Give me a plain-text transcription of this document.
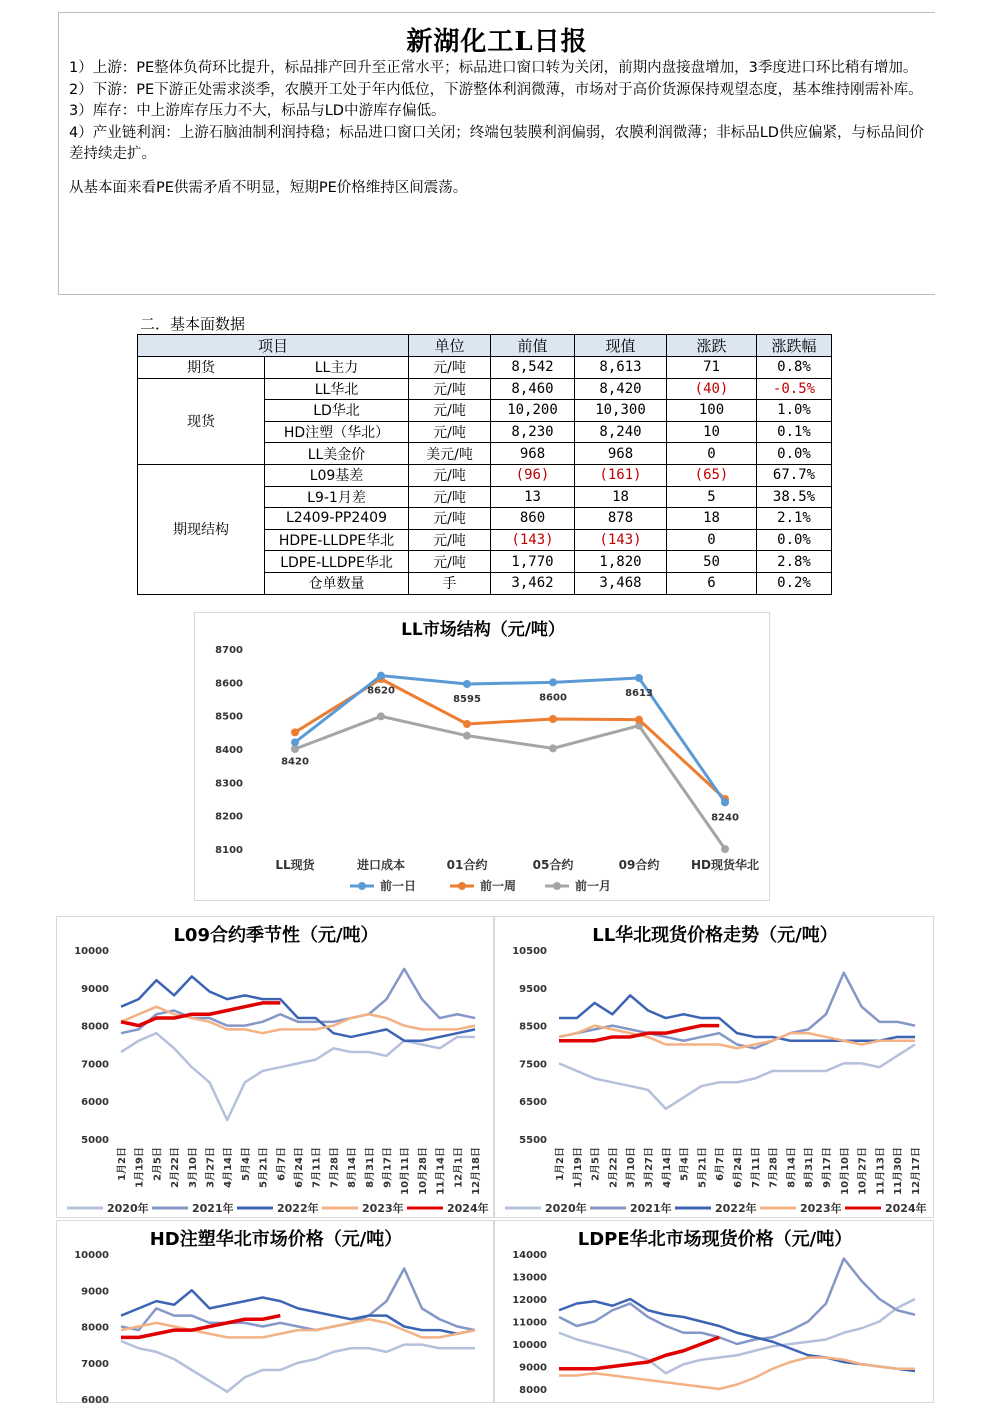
新湖化工L日报
1）上游：PE整体负荷环比提升，标品排产回升至正常水平；标品进口窗口转为关闭，前期内盘接盘增加，3季度进口环比稍有增加。
2）下游：PE下游正处需求淡季，农膜开工处于年内低位，下游整体利润微薄，市场对于高价货源保持观望态度，基本维持刚需补库。
3）库存：中上游库存压力不大，标品与LD中游库存偏低。
4）产业链利润：上游石脑油制利润持稳；标品进口窗口关闭；终端包装膜利润偏弱，农膜利润微薄；非标品LD供应偏紧，与标品间价差持续走扩。
从基本面来看PE供需矛盾不明显，短期PE价格维持区间震荡。
二．基本面数据
项目		单位	前值	现值	涨跌	涨跌幅
期货	LL主力	元/吨	8,542	8,613	71	0.8%
现货	LL华北	元/吨	8,460	8,420	(40)	-0.5%
	LD华北	元/吨	10,200	10,300	100	1.0%
	HD注塑（华北）	元/吨	8,230	8,240	10	0.1%
	LL美金价	美元/吨	968	968	0	0.0%
期现结构	L09基差	元/吨	(96)	(161)	(65)	67.7%
	L9-1月差	元/吨	13	18	5	38.5%
	L2409-PP2409	元/吨	860	878	18	2.1%
	HDPE-LLDPE华北	元/吨	(143)	(143)	0	0.0%
	LDPE-LLDPE华北	元/吨	1,770	1,820	50	2.8%
	仓单数量	手	3,462	3,468	6	0.2%
LL市场结构（元/吨）
8700
8600
8500
8400
8300
8200
8100
LL现货	进口成本	01合约	05合约	09合约	HD现货华北
8420
8620
8595	8600	8613
8240
前一日	前一周	前一月
L09合约季节性（元/吨）
10000
9000
8000
7000
6000
5000
1月2日 1月19日 2月5日 2月22日 3月10日 3月27日 4月14日 5月4日 5月21日 6月7日 6月24日 7月11日 7月28日 8月14日 8月31日 9月17日 10月11日 10月28日 11月14日 12月1日 12月18日
2020年	2021年	2022年	2023年	2024年
LL华北现货价格走势（元/吨）
10500
9500
8500
7500
6500
5500
1月2日 1月19日 2月5日 2月22日 3月10日 3月27日 4月14日 5月4日 5月21日 6月7日 6月24日 7月11日 7月28日 8月14日 8月31日 9月17日 10月10日 10月27日 11月13日 11月30日 12月17日
2020年	2021年	2022年	2023年	2024年
HD注塑华北市场价格（元/吨）
10000
9000
8000
7000
6000
LDPE华北市场现货价格（元/吨）
14000
13000
12000
11000
10000
9000
8000
